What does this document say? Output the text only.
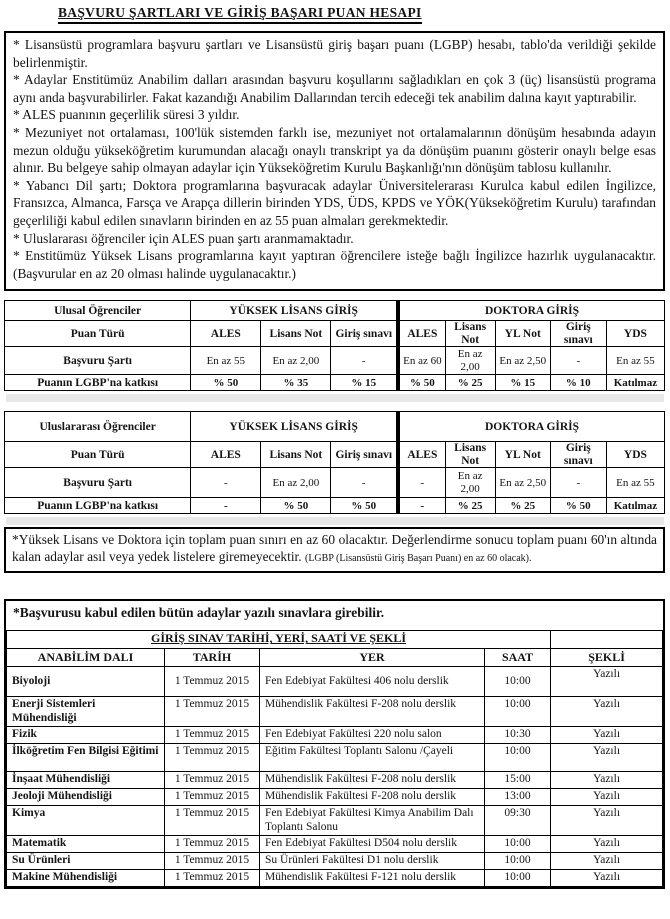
BAŞVURU ŞARTLARI VE GİRİŞ BAŞARI PUAN HESAPI

* Lisansüstü programlara başvuru şartları ve Lisansüstü giriş başarı puanı (LGBP) hesabı, tablo'da verildiği şekilde belirlenmiştir.

* Adaylar Enstitümüz Anabilim dalları arasından başvuru koşullarını sağladıkları en çok 3 (üç) lisansüstü programa aynı anda başvurabilirler. Fakat kazandığı Anabilim Dallarından tercih edeceği tek anabilim dalına kayıt yaptırabilir.

* ALES puanının geçerlilik süresi 3 yıldır.

* Mezuniyet not ortalaması, 100'lük sistemden farklı ise, mezuniyet not ortalamalarının dönüşüm hesabında adayın mezun olduğu yükseköğretim kurumundan alacağı onaylı transkript ya da dönüşüm puanını gösterir onaylı belge esas alınır. Bu belgeye sahip olmayan adaylar için Yükseköğretim Kurulu Başkanlığı'nın dönüşüm tablosu kullanılır.

* Yabancı Dil şartı; Doktora programlarına başvuracak adaylar Üniversitelerarası Kurulca kabul edilen İngilizce, Fransızca, Almanca, Farsça ve Arapça dillerin birinden YDS, ÜDS, KPDS ve YÖK(Yükseköğretim Kurulu) tarafından geçerliliği kabul edilen sınavların birinden en az 55 puan almaları gerekmektedir.

* Uluslararası öğrenciler için ALES puan şartı aranmamaktadır.

* Enstitümüz Yüksek Lisans programlarına kayıt yaptıran öğrencilere isteğe bağlı İngilizce hazırlık uygulanacaktır. (Başvurular en az 20 olması halinde uygulanacaktır.)

Ulusal Öğrenciler	YÜKSEK LİSANS GİRİŞ			DOKTORA GİRİŞ				
Puan Türü	ALES	Lisans Not	Giriş sınavı	ALES	Lisans Not	YL Not	Giriş sınavı	YDS
Başvuru Şartı	En az 55	En az 2,00	-	En az 60	En az 2,00	En az 2,50	-	En az 55
Puanın LGBP'na katkısı	% 50	% 35	% 15	% 50	% 25	% 15	% 10	Katılmaz
Uluslararası Öğrenciler	YÜKSEK LİSANS GİRİŞ			DOKTORA GİRİŞ				
Puan Türü	ALES	Lisans Not	Giriş sınavı	ALES	Lisans Not	YL Not	Giriş sınavı	YDS
Başvuru Şartı	-	En az 2,00	-	-	En az 2,00	En az 2,50	-	En az 55
Puanın LGBP'na katkısı	-	% 50	% 50	-	% 25	% 25	% 50	Katılmaz
*Yüksek Lisans ve Doktora için toplam puan sınırı en az 60 olacaktır. Değerlendirme sonucu toplam puanı 60'ın altında kalan adaylar asıl veya yedek listelere giremeyecektir. (LGBP (Lisansüstü Giriş Başarı Puanı) en az 60 olacak).

*Başvurusu kabul edilen bütün adaylar yazılı sınavlara girebilir.

GİRİŞ SINAV TARİHİ, YERİ, SAATİ VE ŞEKLİ				
ANABİLİM DALI	TARİH	YER	SAAT	ŞEKLİ
Biyoloji	1 Temmuz 2015	Fen Edebiyat Fakültesi 406 nolu derslik	10:00	Yazılı
Enerji Sistemleri Mühendisliği	1 Temmuz 2015	Mühendislik Fakültesi F-208 nolu derslik	10:00	Yazılı
Fizik	1 Temmuz 2015	Fen Edebiyat Fakültesi 220 nolu salon	10:30	Yazılı
İlköğretim Fen Bilgisi Eğitimi	1 Temmuz 2015	Eğitim Fakültesi Toplantı Salonu /Çayeli	10:00	Yazılı
İnşaat Mühendisliği	1 Temmuz 2015	Mühendislik Fakültesi F-208 nolu derslik	15:00	Yazılı
Jeoloji Mühendisliği	1 Temmuz 2015	Mühendislik Fakültesi F-208 nolu derslik	13:00	Yazılı
Kimya	1 Temmuz 2015	Fen Edebiyat Fakültesi Kimya Anabilim Dalı Toplantı Salonu	09:30	Yazılı
Matematik	1 Temmuz 2015	Fen Edebiyat Fakültesi D504 nolu derslik	10:00	Yazılı
Su Ürünleri	1 Temmuz 2015	Su Ürünleri Fakültesi D1 nolu derslik	10:00	Yazılı
Makine Mühendisliği	1 Temmuz 2015	Mühendislik Fakültesi F-121 nolu derslik	10:00	Yazılı
